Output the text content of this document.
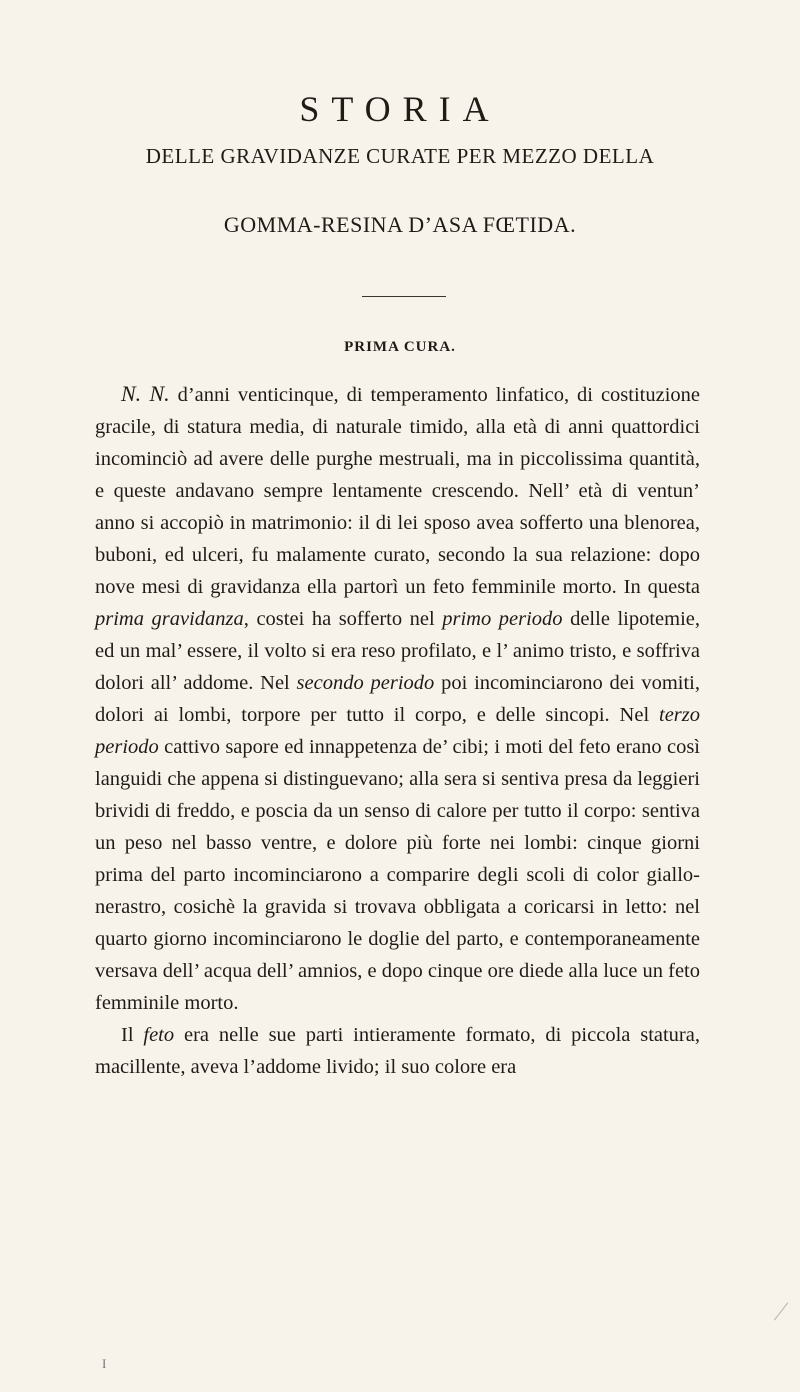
STORIA
DELLE GRAVIDANZE CURATE PER MEZZO DELLA
GOMMA-RESINA D’ASA FŒTIDA.
PRIMA CURA.

N. N. d’anni venticinque, di temperamento linfatico, di costituzione gracile, di statura media, di naturale timido, alla età di anni quattordici incominciò ad avere delle purghe mestruali, ma in piccolissima quantità, e queste andavano sempre lentamente crescendo. Nell’ età di ventun’ anno si accopiò in matrimonio: il di lei sposo avea sofferto una blenorea, buboni, ed ulceri, fu malamente curato, secondo la sua relazione: dopo nove mesi di gravidanza ella partorì un feto femminile morto. In questa prima gravidanza, costei ha sofferto nel primo periodo delle lipotemie, ed un mal’ essere, il volto si era reso profilato, e l’ animo tristo, e soffriva dolori all’ addome. Nel secondo periodo poi incominciarono dei vomiti, dolori ai lombi, torpore per tutto il corpo, e delle sincopi. Nel terzo periodo cattivo sapore ed innappetenza de’ cibi; i moti del feto erano così languidi che appena si distinguevano; alla sera si sentiva presa da leggieri brividi di freddo, e poscia da un senso di calore per tutto il corpo: sentiva un peso nel basso ventre, e dolore più forte nei lombi: cinque giorni prima del parto incominciarono a comparire degli scoli di color giallo-nerastro, cosichè la gravida si trovava obbligata a coricarsi in letto: nel quarto giorno incominciarono le doglie del parto, e contemporaneamente versava dell’ acqua dell’ amnios, e dopo cinque ore diede alla luce un feto femminile morto.

Il feto era nelle sue parti intieramente formato, di piccola statura, macillente, aveva l’addome livido; il suo colore era

I
